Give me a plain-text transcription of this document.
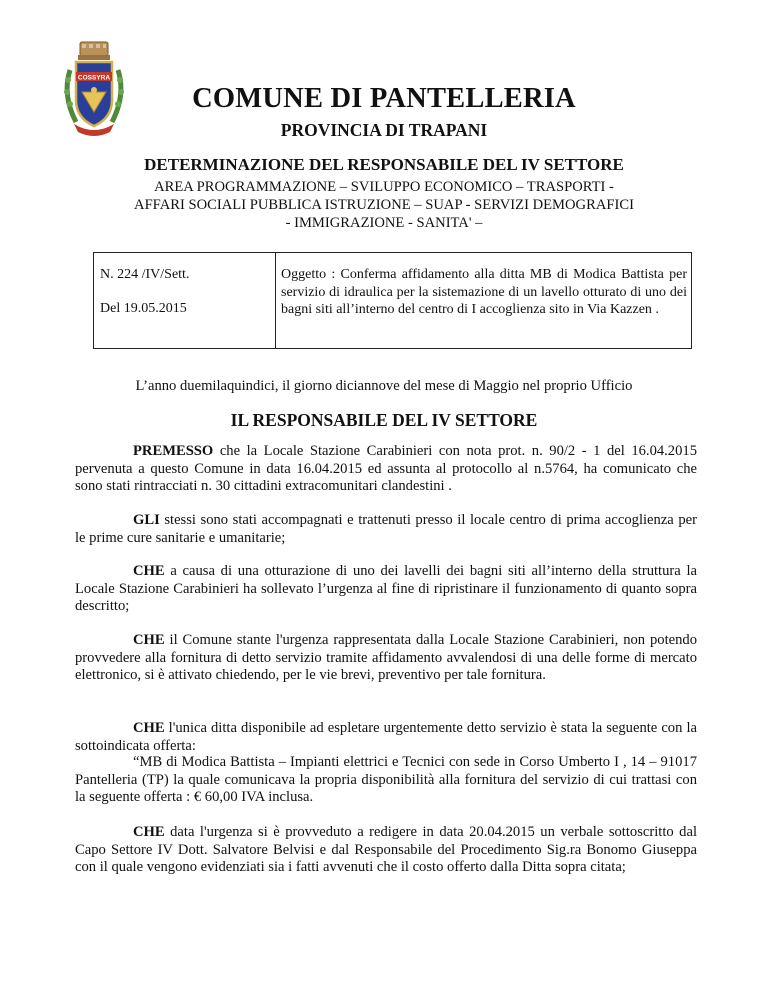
COSSYRA
COMUNE DI PANTELLERIA
PROVINCIA DI TRAPANI
DETERMINAZIONE DEL RESPONSABILE DEL IV SETTORE
AREA PROGRAMMAZIONE – SVILUPPO ECONOMICO – TRASPORTI - AFFARI SOCIALI PUBBLICA ISTRUZIONE – SUAP - SERVIZI DEMOGRAFICI - IMMIGRAZIONE - SANITA' –
N. 224 /IV/Sett.
Del 19.05.2015
Oggetto : Conferma affidamento alla ditta MB di Modica Battista per servizio di idraulica per la sistemazione di un lavello otturato di uno dei bagni siti all’interno del centro di I accoglienza sito in Via Kazzen .
L’anno duemilaquindici, il giorno diciannove del mese di Maggio nel proprio Ufficio
IL RESPONSABILE DEL IV SETTORE

PREMESSO che la Locale Stazione Carabinieri con nota prot. n. 90/2 - 1 del 16.04.2015 pervenuta a questo Comune in data 16.04.2015 ed assunta al protocollo al n.5764, ha comunicato che sono stati rintracciati n. 30 cittadini extracomunitari clandestini .

GLI stessi sono stati accompagnati e trattenuti presso il locale centro di prima accoglienza per le prime cure sanitarie e umanitarie;

CHE a causa di una otturazione di uno dei lavelli dei bagni siti all’interno della struttura la Locale Stazione Carabinieri ha sollevato l’urgenza al fine di ripristinare il funzionamento di quanto sopra descritto;

CHE il Comune stante l'urgenza rappresentata dalla Locale Stazione Carabinieri, non potendo provvedere alla fornitura di detto servizio tramite affidamento avvalendosi di una delle forme di mercato elettronico, si è attivato chiedendo, per le vie brevi, preventivo per tale fornitura.

CHE l'unica ditta disponibile ad espletare urgentemente detto servizio è stata la seguente con la sottoindicata offerta:

“MB di Modica Battista – Impianti elettrici e Tecnici con sede in Corso Umberto I , 14 – 91017 Pantelleria (TP) la quale comunicava la propria disponibilità alla fornitura del servizio di cui trattasi con la seguente offerta : € 60,00 IVA inclusa.

CHE data l'urgenza si è provveduto a redigere in data 20.04.2015 un verbale sottoscritto dal Capo Settore IV Dott. Salvatore Belvisi e dal Responsabile del Procedimento Sig.ra Bonomo Giuseppa con il quale vengono evidenziati sia i fatti avvenuti che il costo offerto dalla Ditta sopra citata;
